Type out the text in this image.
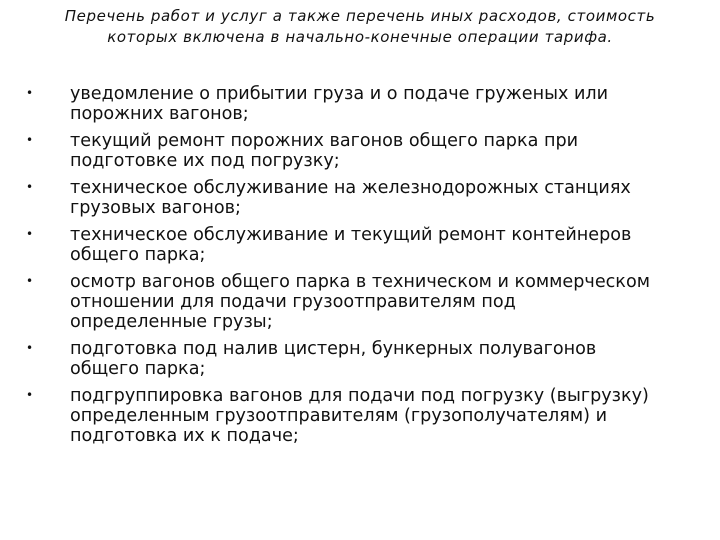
Перечень работ и услуг а также перечень иных расходов, стоимость
которых включена в начально-конечные операции тарифа.
• уведомление о прибытии груза и о подаче груженых или
порожних вагонов;
• текущий ремонт порожних вагонов общего парка при
подготовке их под погрузку;
• техническое обслуживание на железнодорожных станциях
грузовых вагонов;
• техническое обслуживание и текущий ремонт контейнеров
общего парка;
• осмотр вагонов общего парка в техническом и коммерческом
отношении для подачи грузоотправителям под
определенные грузы;
• подготовка под налив цистерн, бункерных полувагонов
общего парка;
• подгруппировка вагонов для подачи под погрузку (выгрузку)
определенным грузоотправителям (грузополучателям) и
подготовка их к подаче;
